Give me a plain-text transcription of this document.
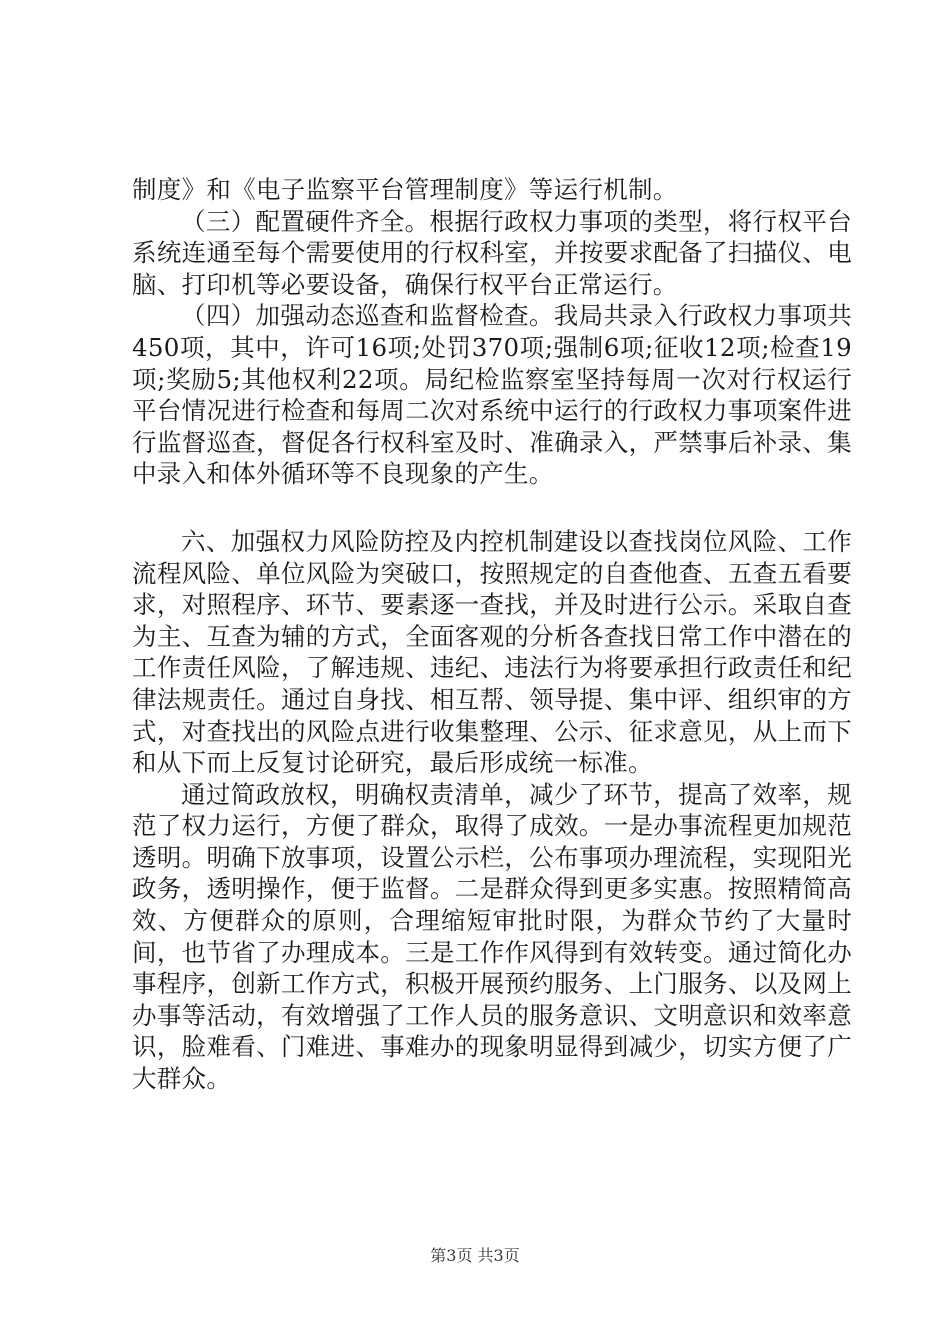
制度》和《电子监察平台管理制度》等运行机制。

（三）配置硬件齐全。根据行政权力事项的类型，将行权平台系统连通至每个需要使用的行权科室，并按要求配备了扫描仪、电脑、打印机等必要设备，确保行权平台正常运行。

（四）加强动态巡查和监督检查。我局共录入行政权力事项共450项，其中，许可16项;处罚370项;强制6项;征收12项;检查19项;奖励5;其他权利22项。局纪检监察室坚持每周一次对行权运行平台情况进行检查和每周二次对系统中运行的行政权力事项案件进行监督巡查，督促各行权科室及时、准确录入，严禁事后补录、集中录入和体外循环等不良现象的产生。

六、加强权力风险防控及内控机制建设以查找岗位风险、工作流程风险、单位风险为突破口，按照规定的自查他查、五查五看要求，对照程序、环节、要素逐一查找，并及时进行公示。采取自查为主、互查为辅的方式，全面客观的分析各查找日常工作中潜在的工作责任风险，了解违规、违纪、违法行为将要承担行政责任和纪律法规责任。通过自身找、相互帮、领导提、集中评、组织审的方式，对查找出的风险点进行收集整理、公示、征求意见，从上而下和从下而上反复讨论研究，最后形成统一标准。

通过简政放权，明确权责清单，减少了环节，提高了效率，规范了权力运行，方便了群众，取得了成效。一是办事流程更加规范透明。明确下放事项，设置公示栏，公布事项办理流程，实现阳光政务，透明操作，便于监督。二是群众得到更多实惠。按照精简高效、方便群众的原则，合理缩短审批时限，为群众节约了大量时间，也节省了办理成本。三是工作作风得到有效转变。通过简化办事程序，创新工作方式，积极开展预约服务、上门服务、以及网上办事等活动，有效增强了工作人员的服务意识、文明意识和效率意识，脸难看、门难进、事难办的现象明显得到减少，切实方便了广大群众。

第3页 共3页
